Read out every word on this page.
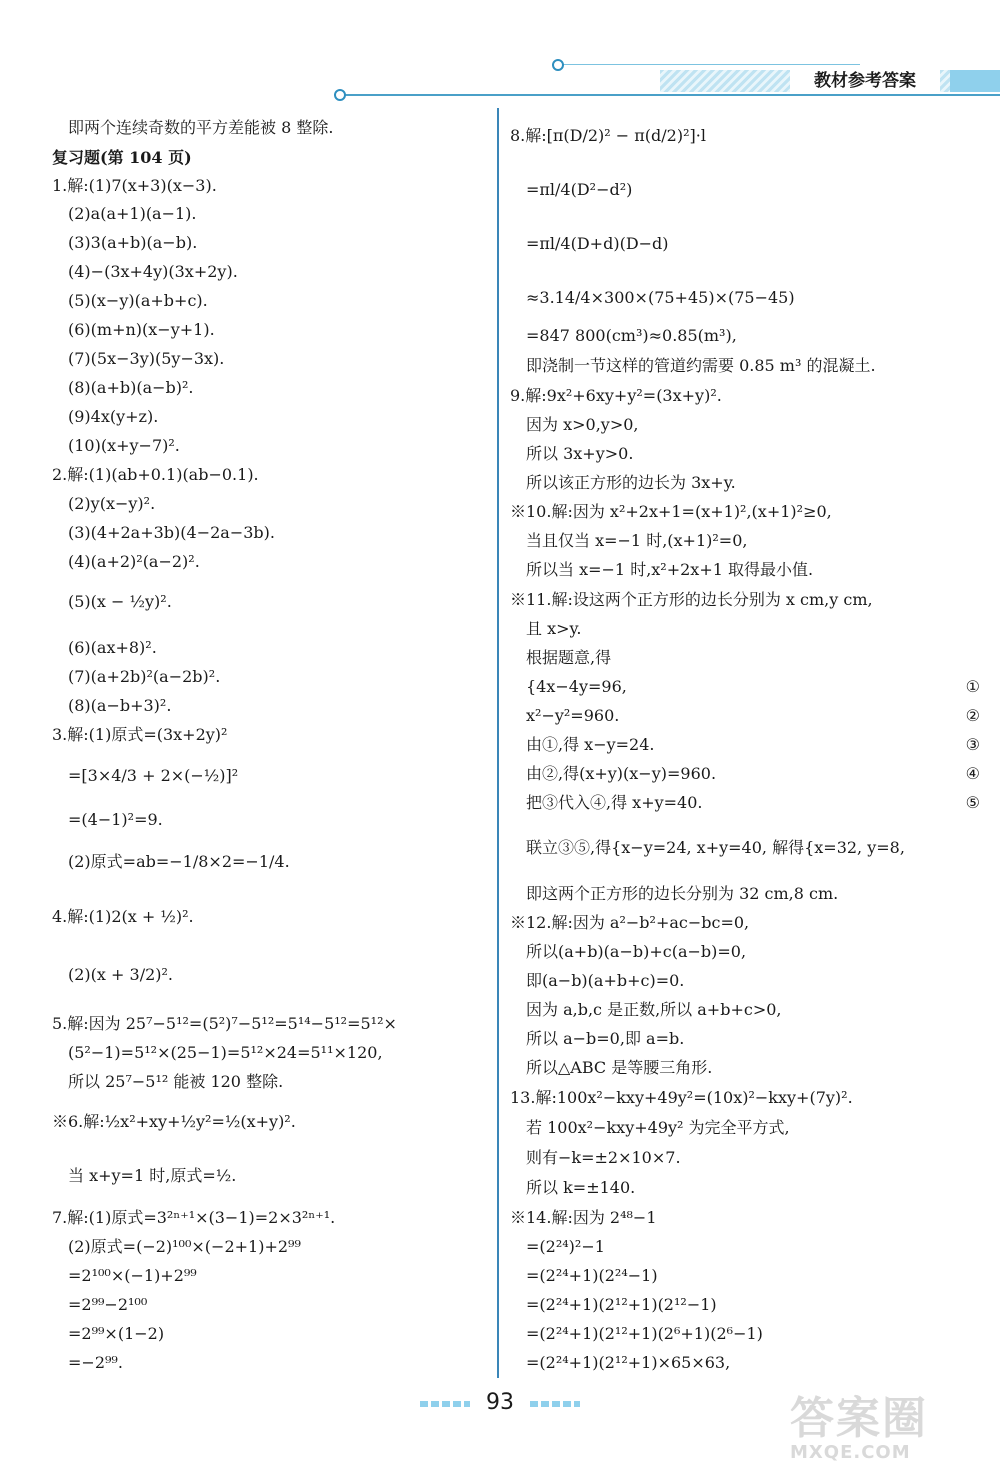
教材参考答案
即两个连续奇数的平方差能被 8 整除.
复习题(第 104 页)
1.解:(1)7(x+3)(x−3).
(2)a(a+1)(a−1).
(3)3(a+b)(a−b).
(4)−(3x+4y)(3x+2y).
(5)(x−y)(a+b+c).
(6)(m+n)(x−y+1).
(7)(5x−3y)(5y−3x).
(8)(a+b)(a−b)².
(9)4x(y+z).
(10)(x+y−7)².
2.解:(1)(ab+0.1)(ab−0.1).
(2)y(x−y)².
(3)(4+2a+3b)(4−2a−3b).
(4)(a+2)²(a−2)².
(5)(x − ½y)².
(6)(ax+8)².
(7)(a+2b)²(a−2b)².
(8)(a−b+3)².
3.解:(1)原式=(3x+2y)²
=[3×4/3 + 2×(−½)]²
=(4−1)²=9.
(2)原式=ab=−1/8×2=−1/4.
4.解:(1)2(x + ½)².
(2)(x + 3/2)².
5.解:因为 25⁷−5¹²=(5²)⁷−5¹²=5¹⁴−5¹²=5¹²×
(5²−1)=5¹²×(25−1)=5¹²×24=5¹¹×120,
所以 25⁷−5¹² 能被 120 整除.
※6.解:½x²+xy+½y²=½(x+y)².
当 x+y=1 时,原式=½.
7.解:(1)原式=3²ⁿ⁺¹×(3−1)=2×3²ⁿ⁺¹.
(2)原式=(−2)¹⁰⁰×(−2+1)+2⁹⁹
=2¹⁰⁰×(−1)+2⁹⁹
=2⁹⁹−2¹⁰⁰
=2⁹⁹×(1−2)
=−2⁹⁹.
8.解:[π(D/2)² − π(d/2)²]·l
=πl/4(D²−d²)
=πl/4(D+d)(D−d)
≈3.14/4×300×(75+45)×(75−45)
=847 800(cm³)≈0.85(m³),
即浇制一节这样的管道约需要 0.85 m³ 的混凝土.
9.解:9x²+6xy+y²=(3x+y)².
因为 x>0,y>0,
所以 3x+y>0.
所以该正方形的边长为 3x+y.
※10.解:因为 x²+2x+1=(x+1)²,(x+1)²≥0,
当且仅当 x=−1 时,(x+1)²=0,
所以当 x=−1 时,x²+2x+1 取得最小值.
※11.解:设这两个正方形的边长分别为 x cm,y cm,
且 x>y.
根据题意,得
{4x−4y=96,	①
x²−y²=960.	②
由①,得 x−y=24.	③
由②,得(x+y)(x−y)=960.	④
把③代入④,得 x+y=40.	⑤
联立③⑤,得{x−y=24, x+y=40, 解得{x=32, y=8,
即这两个正方形的边长分别为 32 cm,8 cm.
※12.解:因为 a²−b²+ac−bc=0,
所以(a+b)(a−b)+c(a−b)=0,
即(a−b)(a+b+c)=0.
因为 a,b,c 是正数,所以 a+b+c>0,
所以 a−b=0,即 a=b.
所以△ABC 是等腰三角形.
13.解:100x²−kxy+49y²=(10x)²−kxy+(7y)².
若 100x²−kxy+49y² 为完全平方式,
则有−k=±2×10×7.
所以 k=±140.
※14.解:因为 2⁴⁸−1
=(2²⁴)²−1
=(2²⁴+1)(2²⁴−1)
=(2²⁴+1)(2¹²+1)(2¹²−1)
=(2²⁴+1)(2¹²+1)(2⁶+1)(2⁶−1)
=(2²⁴+1)(2¹²+1)×65×63,
93	答案圈
MXQE.COM
